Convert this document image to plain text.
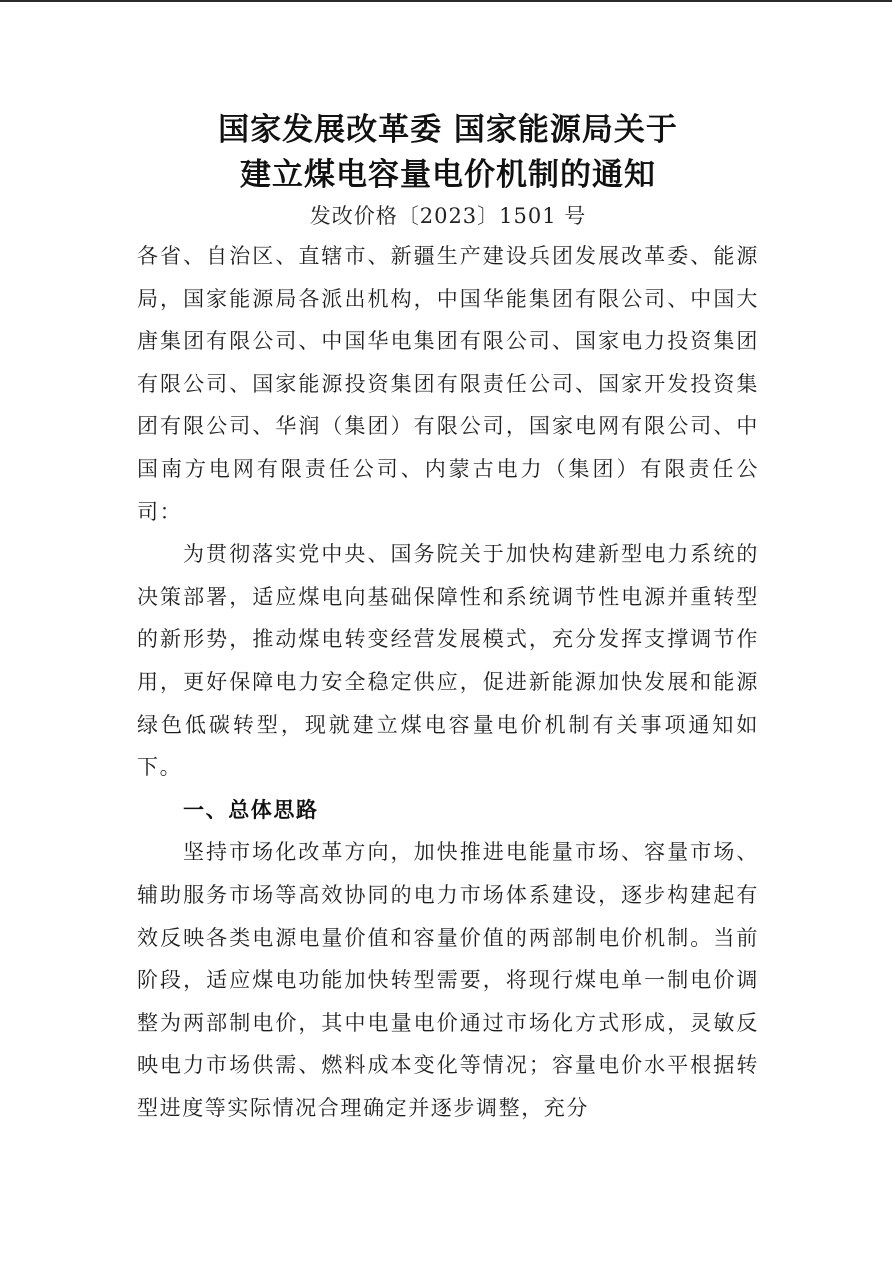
国家发展改革委 国家能源局关于
建立煤电容量电价机制的通知
发改价格〔2023〕1501 号

各省、自治区、直辖市、新疆生产建设兵团发展改革委、能源局，国家能源局各派出机构，中国华能集团有限公司、中国大唐集团有限公司、中国华电集团有限公司、国家电力投资集团有限公司、国家能源投资集团有限责任公司、国家开发投资集团有限公司、华润（集团）有限公司，国家电网有限公司、中国南方电网有限责任公司、内蒙古电力（集团）有限责任公司：

为贯彻落实党中央、国务院关于加快构建新型电力系统的决策部署，适应煤电向基础保障性和系统调节性电源并重转型的新形势，推动煤电转变经营发展模式，充分发挥支撑调节作用，更好保障电力安全稳定供应，促进新能源加快发展和能源绿色低碳转型，现就建立煤电容量电价机制有关事项通知如下。

一、总体思路

坚持市场化改革方向，加快推进电能量市场、容量市场、辅助服务市场等高效协同的电力市场体系建设，逐步构建起有效反映各类电源电量价值和容量价值的两部制电价机制。当前阶段，适应煤电功能加快转型需要，将现行煤电单一制电价调整为两部制电价，其中电量电价通过市场化方式形成，灵敏反映电力市场供需、燃料成本变化等情况；容量电价水平根据转型进度等实际情况合理确定并逐步调整，充分
